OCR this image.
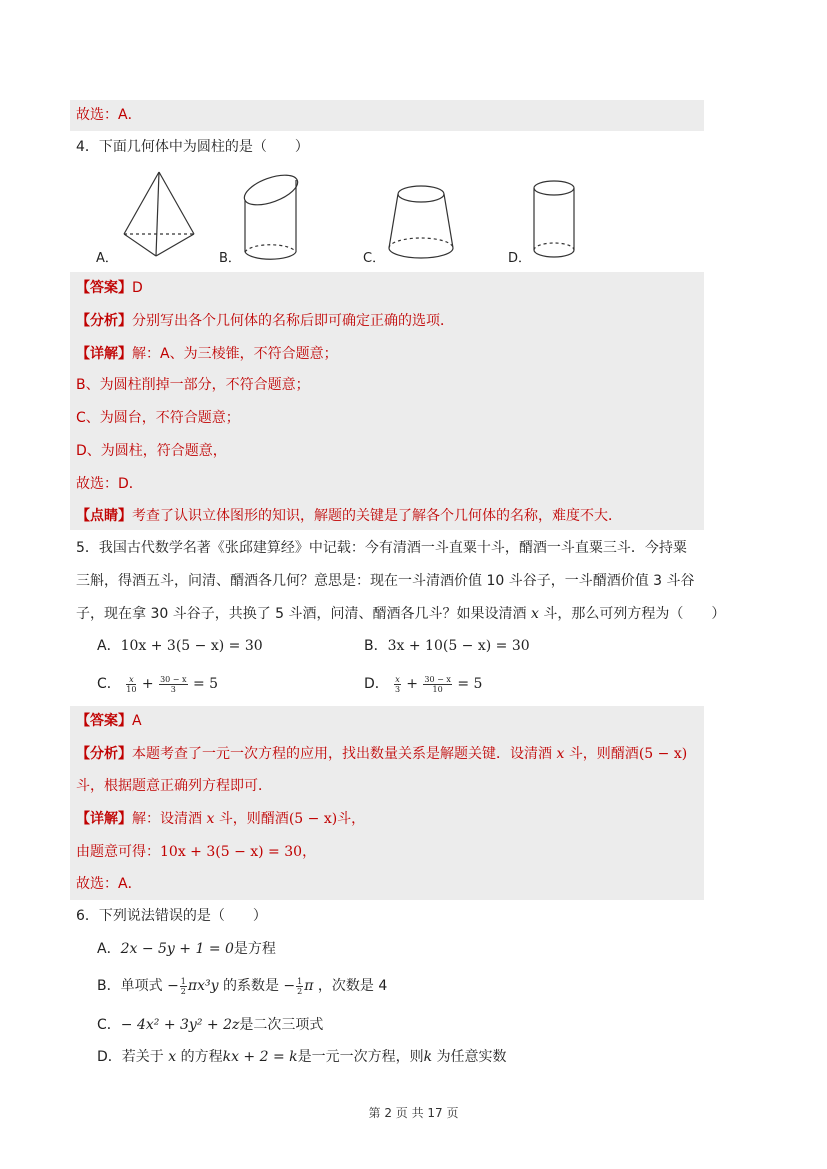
故选：A．
4．下面几何体中为圆柱的是（　　）
A．	B．	C．	D．
【答案】D
【分析】分别写出各个几何体的名称后即可确定正确的选项．
【详解】解：A、为三棱锥，不符合题意；
B、为圆柱削掉一部分，不符合题意；
C、为圆台，不符合题意；
D、为圆柱，符合题意，
故选：D．
【点睛】考查了认识立体图形的知识，解题的关键是了解各个几何体的名称，难度不大．
5．我国古代数学名著《张邱建算经》中记载：今有清酒一斗直粟十斗，醑酒一斗直粟三斗．今持粟
三斛，得酒五斗，问清、醑酒各几何？意思是：现在一斗清酒价值 10 斗谷子，一斗醑酒价值 3 斗谷
子，现在拿 30 斗谷子，共换了 5 斗酒，问清、醑酒各几斗？如果设清酒 x 斗，那么可列方程为（　　）
A．10x + 3(5 − x) = 30	B．3x + 10(5 − x) = 30
C． $\frac{x}{10} + \frac{30 - x}{3} = 5$	D． $\frac{x}{3} + \frac{30 - x}{10} = 5$
【答案】A
【分析】本题考查了一元一次方程的应用，找出数量关系是解题关键．设清酒 x 斗，则醑酒(5 − x)
斗，根据题意正确列方程即可．
【详解】解：设清酒 x 斗，则醑酒(5 − x)斗，
由题意可得：10x + 3(5 − x) = 30，
故选：A．
6．下列说法错误的是（　　）
A．2x − 5y + 1 = 0是方程
B．单项式 − $\frac{1}{2} \pi x^3y$ 的系数是 − $\frac{1}{2}$ π ，次数是 4
C．− 4x² + 3y² + 2z是二次三项式
D．若关于 x 的方程kx + 2 = k是一元一次方程，则k 为任意实数
第 2 页 共 17 页
